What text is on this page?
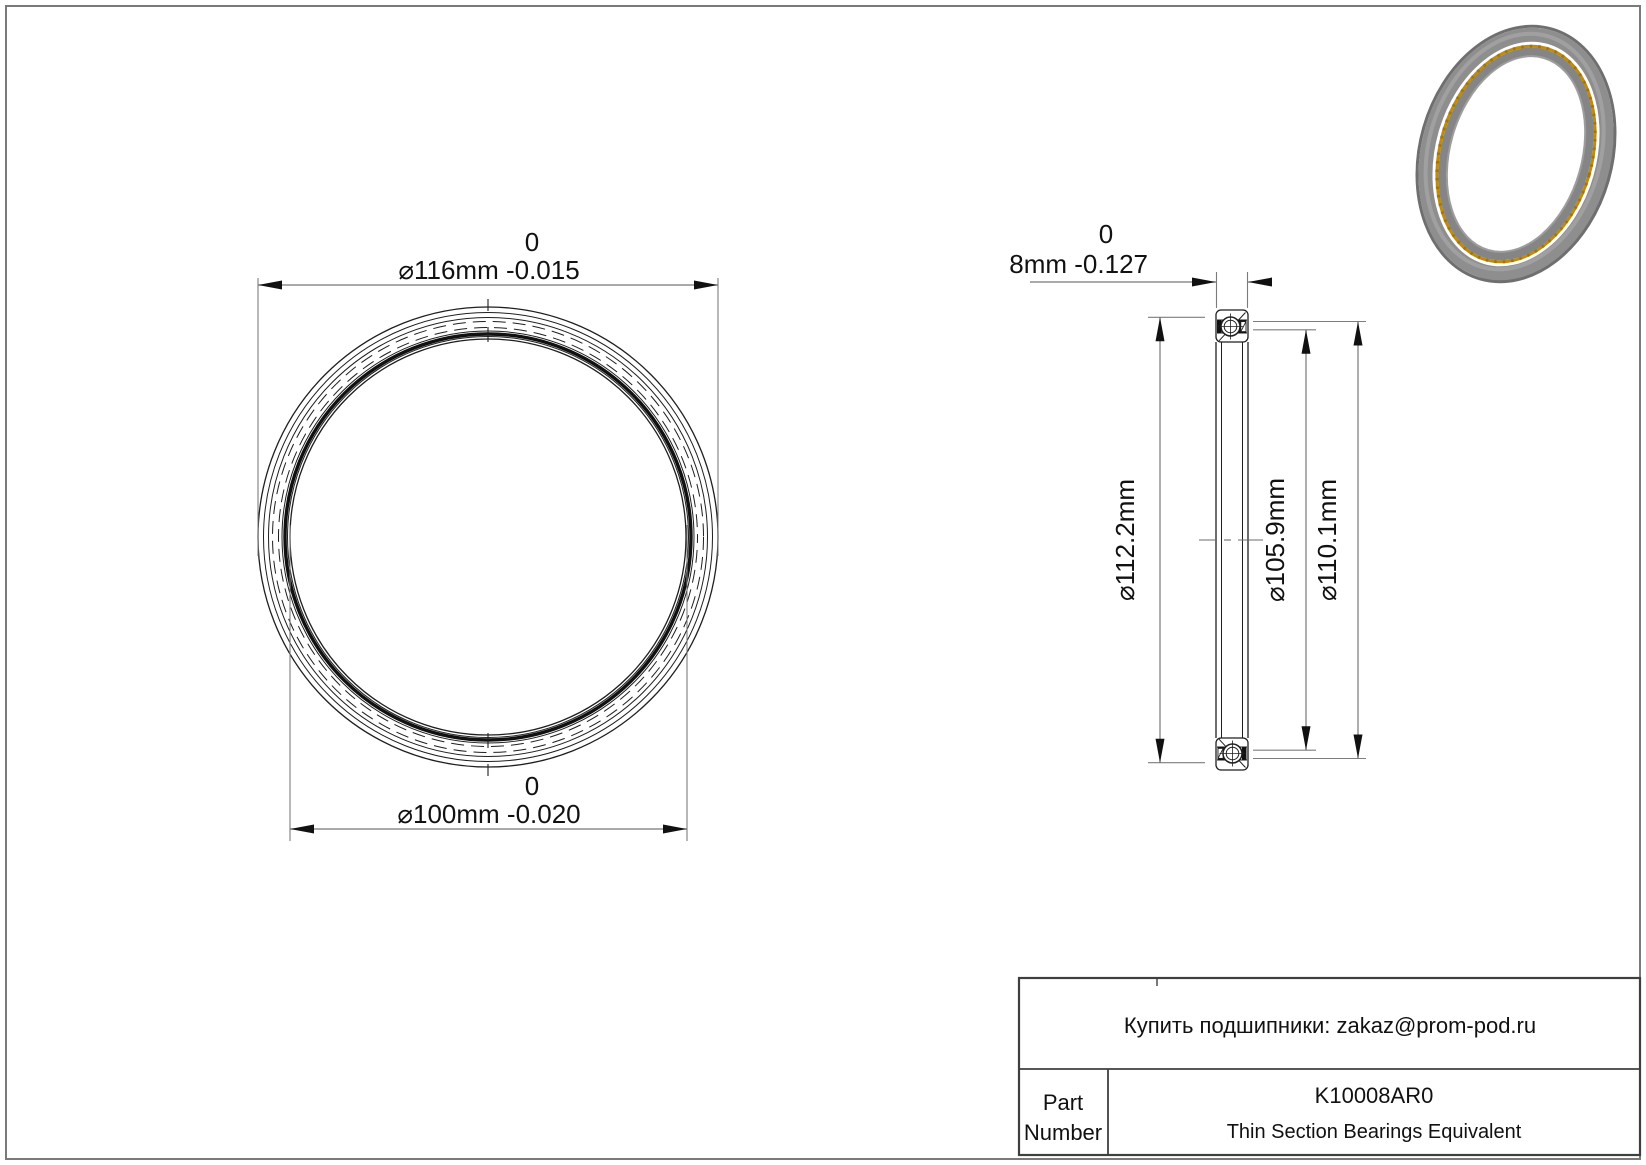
⌀116mm -0.015
0
⌀100mm -0.020
0
8mm -0.127
0
⌀112.2mm	⌀105.9mm ⌀110.1mm
Купить подшипники: zakaz@prom-pod.ru
Part
Number
K10008AR0
Thin Section Bearings Equivalent
